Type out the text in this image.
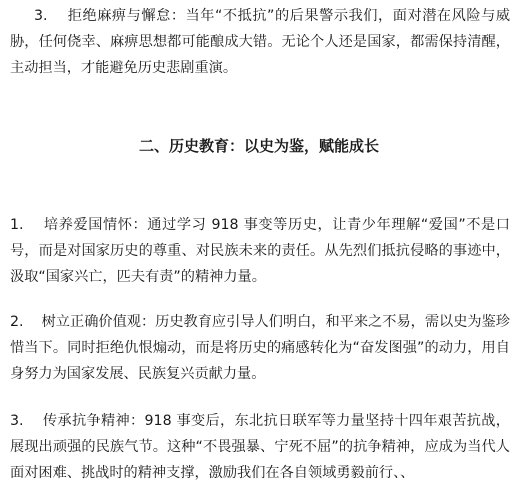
3. 拒绝麻痹与懈怠：当年“不抵抗”的后果警示我们，面对潜在风险与威胁，任何侥幸、麻痹思想都可能酿成大错。无论个人还是国家，都需保持清醒，主动担当，才能避免历史悲剧重演。

二、历史教育：以史为鉴，赋能成长

1. 培养爱国情怀：通过学习 918 事变等历史，让青少年理解“爱国”不是口号，而是对国家历史的尊重、对民族未来的责任。从先烈们抵抗侵略的事迹中，汲取“国家兴亡，匹夫有责”的精神力量。

2. 树立正确价值观：历史教育应引导人们明白，和平来之不易，需以史为鉴珍惜当下。同时拒绝仇恨煽动，而是将历史的痛感转化为“奋发图强”的动力，用自身努力为国家发展、民族复兴贡献力量。

3. 传承抗争精神：918 事变后，东北抗日联军等力量坚持十四年艰苦抗战，展现出顽强的民族气节。这种“不畏强暴、宁死不屈”的抗争精神，应成为当代人面对困难、挑战时的精神支撑，激励我们在各自领域勇毅前行、、
